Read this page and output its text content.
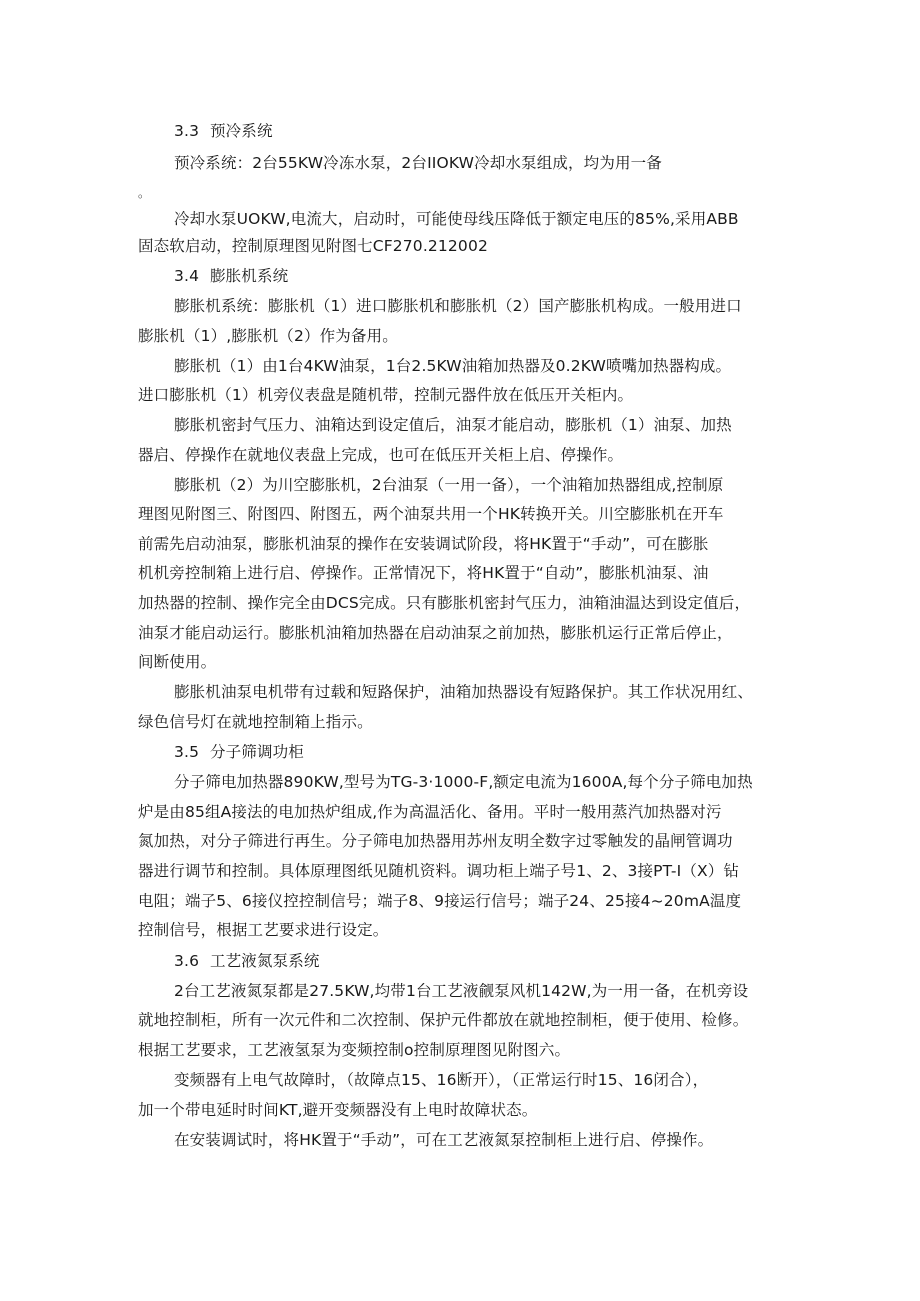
3.3 预冷系统
预冷系统：2台55KW冷冻水泵，2台IIOKW冷却水泵组成，均为用一备
。
冷却水泵UOKW,电流大，启动时，可能使母线压降低于额定电压的85%,采用ABB
固态软启动，控制原理图见附图七CF270.212002
3.4 膨胀机系统
膨胀机系统：膨胀机（1）进口膨胀机和膨胀机（2）国产膨胀机构成。一般用进口
膨胀机（1）,膨胀机（2）作为备用。
膨胀机（1）由1台4KW油泵，1台2.5KW油箱加热器及0.2KW喷嘴加热器构成。
进口膨胀机（1）机旁仪表盘是随机带，控制元器件放在低压开关柜内。
膨胀机密封气压力、油箱达到设定值后，油泵才能启动，膨胀机（1）油泵、加热
器启、停操作在就地仪表盘上完成，也可在低压开关柜上启、停操作。
膨胀机（2）为川空膨胀机，2台油泵（一用一备），一个油箱加热器组成,控制原
理图见附图三、附图四、附图五，两个油泵共用一个HK转换开关。川空膨胀机在开车
前需先启动油泵，膨胀机油泵的操作在安装调试阶段，将HK置于“手动”，可在膨胀
机机旁控制箱上进行启、停操作。正常情况下，将HK置于“自动”，膨胀机油泵、油
加热器的控制、操作完全由DCS完成。只有膨胀机密封气压力，油箱油温达到设定值后，
油泵才能启动运行。膨胀机油箱加热器在启动油泵之前加热，膨胀机运行正常后停止，
间断使用。
膨胀机油泵电机带有过载和短路保护，油箱加热器设有短路保护。其工作状况用红、
绿色信号灯在就地控制箱上指示。
3.5 分子筛调功柜
分子筛电加热器890KW,型号为TG-3·1000-F,额定电流为1600A,每个分子筛电加热
炉是由85组A接法的电加热炉组成,作为高温活化、备用。平时一般用蒸汽加热器对污
氮加热，对分子筛进行再生。分子筛电加热器用苏州友明全数字过零触发的晶闸管调功
器进行调节和控制。具体原理图纸见随机资料。调功柜上端子号1、2、3接PT-I（X）钻
电阻；端子5、6接仪控控制信号；端子8、9接运行信号；端子24、25接4~20mA温度
控制信号，根据工艺要求进行设定。
3.6 工艺液氮泵系统
2台工艺液氮泵都是27.5KW,均带1台工艺液觎泵风机142W,为一用一备，在机旁设
就地控制柜，所有一次元件和二次控制、保护元件都放在就地控制柜，便于使用、检修。
根据工艺要求，工艺液氢泵为变频控制o控制原理图见附图六。
变频器有上电气故障时，（故障点15、16断开），（正常运行时15、16闭合），
加一个带电延时时间KT,避开变频器没有上电时故障状态。
在安装调试时，将HK置于“手动”，可在工艺液氮泵控制柜上进行启、停操作。
